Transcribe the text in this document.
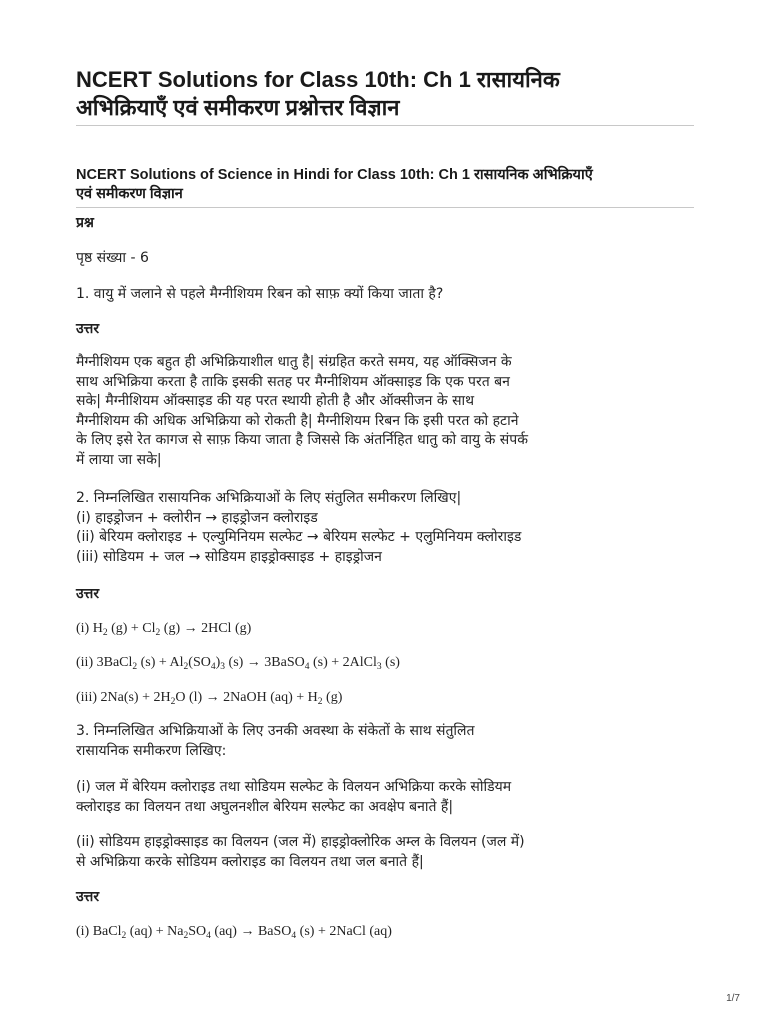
NCERT Solutions for Class 10th: Ch 1 रासायनिक
अभिक्रियाएँ एवं समीकरण प्रश्नोत्तर विज्ञान
NCERT Solutions of Science in Hindi for Class 10th: Ch 1 रासायनिक अभिक्रियाएँ
एवं समीकरण विज्ञान
प्रश्न
पृष्ठ संख्या - 6
1. वायु में जलाने से पहले मैग्नीशियम रिबन को साफ़ क्यों किया जाता है?
उत्तर
मैग्नीशियम एक बहुत ही अभिक्रियाशील धातु है| संग्रहित करते समय, यह ऑक्सिजन के
साथ अभिक्रिया करता है ताकि इसकी सतह पर मैग्नीशियम ऑक्साइड कि एक परत बन
सके| मैग्नीशियम ऑक्साइड की यह परत स्थायी होती है और ऑक्सीजन के साथ
मैग्नीशियम की अधिक अभिक्रिया को रोकती है| मैग्नीशियम रिबन कि इसी परत को हटाने
के लिए इसे रेत कागज से साफ़ किया जाता है जिससे कि अंतर्निहित धातु को वायु के संपर्क
में लाया जा सके|
2. निम्नलिखित रासायनिक अभिक्रियाओं के लिए संतुलित समीकरण लिखिए|
(i) हाइड्रोजन + क्लोरीन → हाइड्रोजन क्लोराइड
(ii) बेरियम क्लोराइड + एल्युमिनियम सल्फेट → बेरियम सल्फेट + एलुमिनियम क्लोराइड
(iii) सोडियम + जल → सोडियम हाइड्रोक्साइड + हाइड्रोजन
उत्तर
(i) $H_2$ $(g) + Cl_2$ (g) → 2HCl (g)
(ii) 3BaCl$_2$ $(s) + Al_2(SO_4)_3$ (s) → 3BaSO$_4$ (s) + 2AlCl$_3$ (s)
(iii) $2Na(s) + 2H_2O$ (l) → 2NaOH $(aq) + H_2$ (g)
3. निम्नलिखित अभिक्रियाओं के लिए उनकी अवस्था के संकेतों के साथ संतुलित
रासायनिक समीकरण लिखिए:
(i) जल में बेरियम क्लोराइड तथा सोडियम सल्फेट के विलयन अभिक्रिया करके सोडियम
क्लोराइड का विलयन तथा अघुलनशील बेरियम सल्फेट का अवक्षेप बनाते हैं|
(ii) सोडियम हाइड्रोक्साइड का विलयन (जल में) हाइड्रोक्लोरिक अम्ल के विलयन (जल में)
से अभिक्रिया करके सोडियम क्लोराइड का विलयन तथा जल बनाते हैं|
उत्तर
(i) BaCl$_2$ $(aq) + Na_2SO_4$ (aq) → BaSO$_4$ (s) + 2NaCl (aq)
1/7
